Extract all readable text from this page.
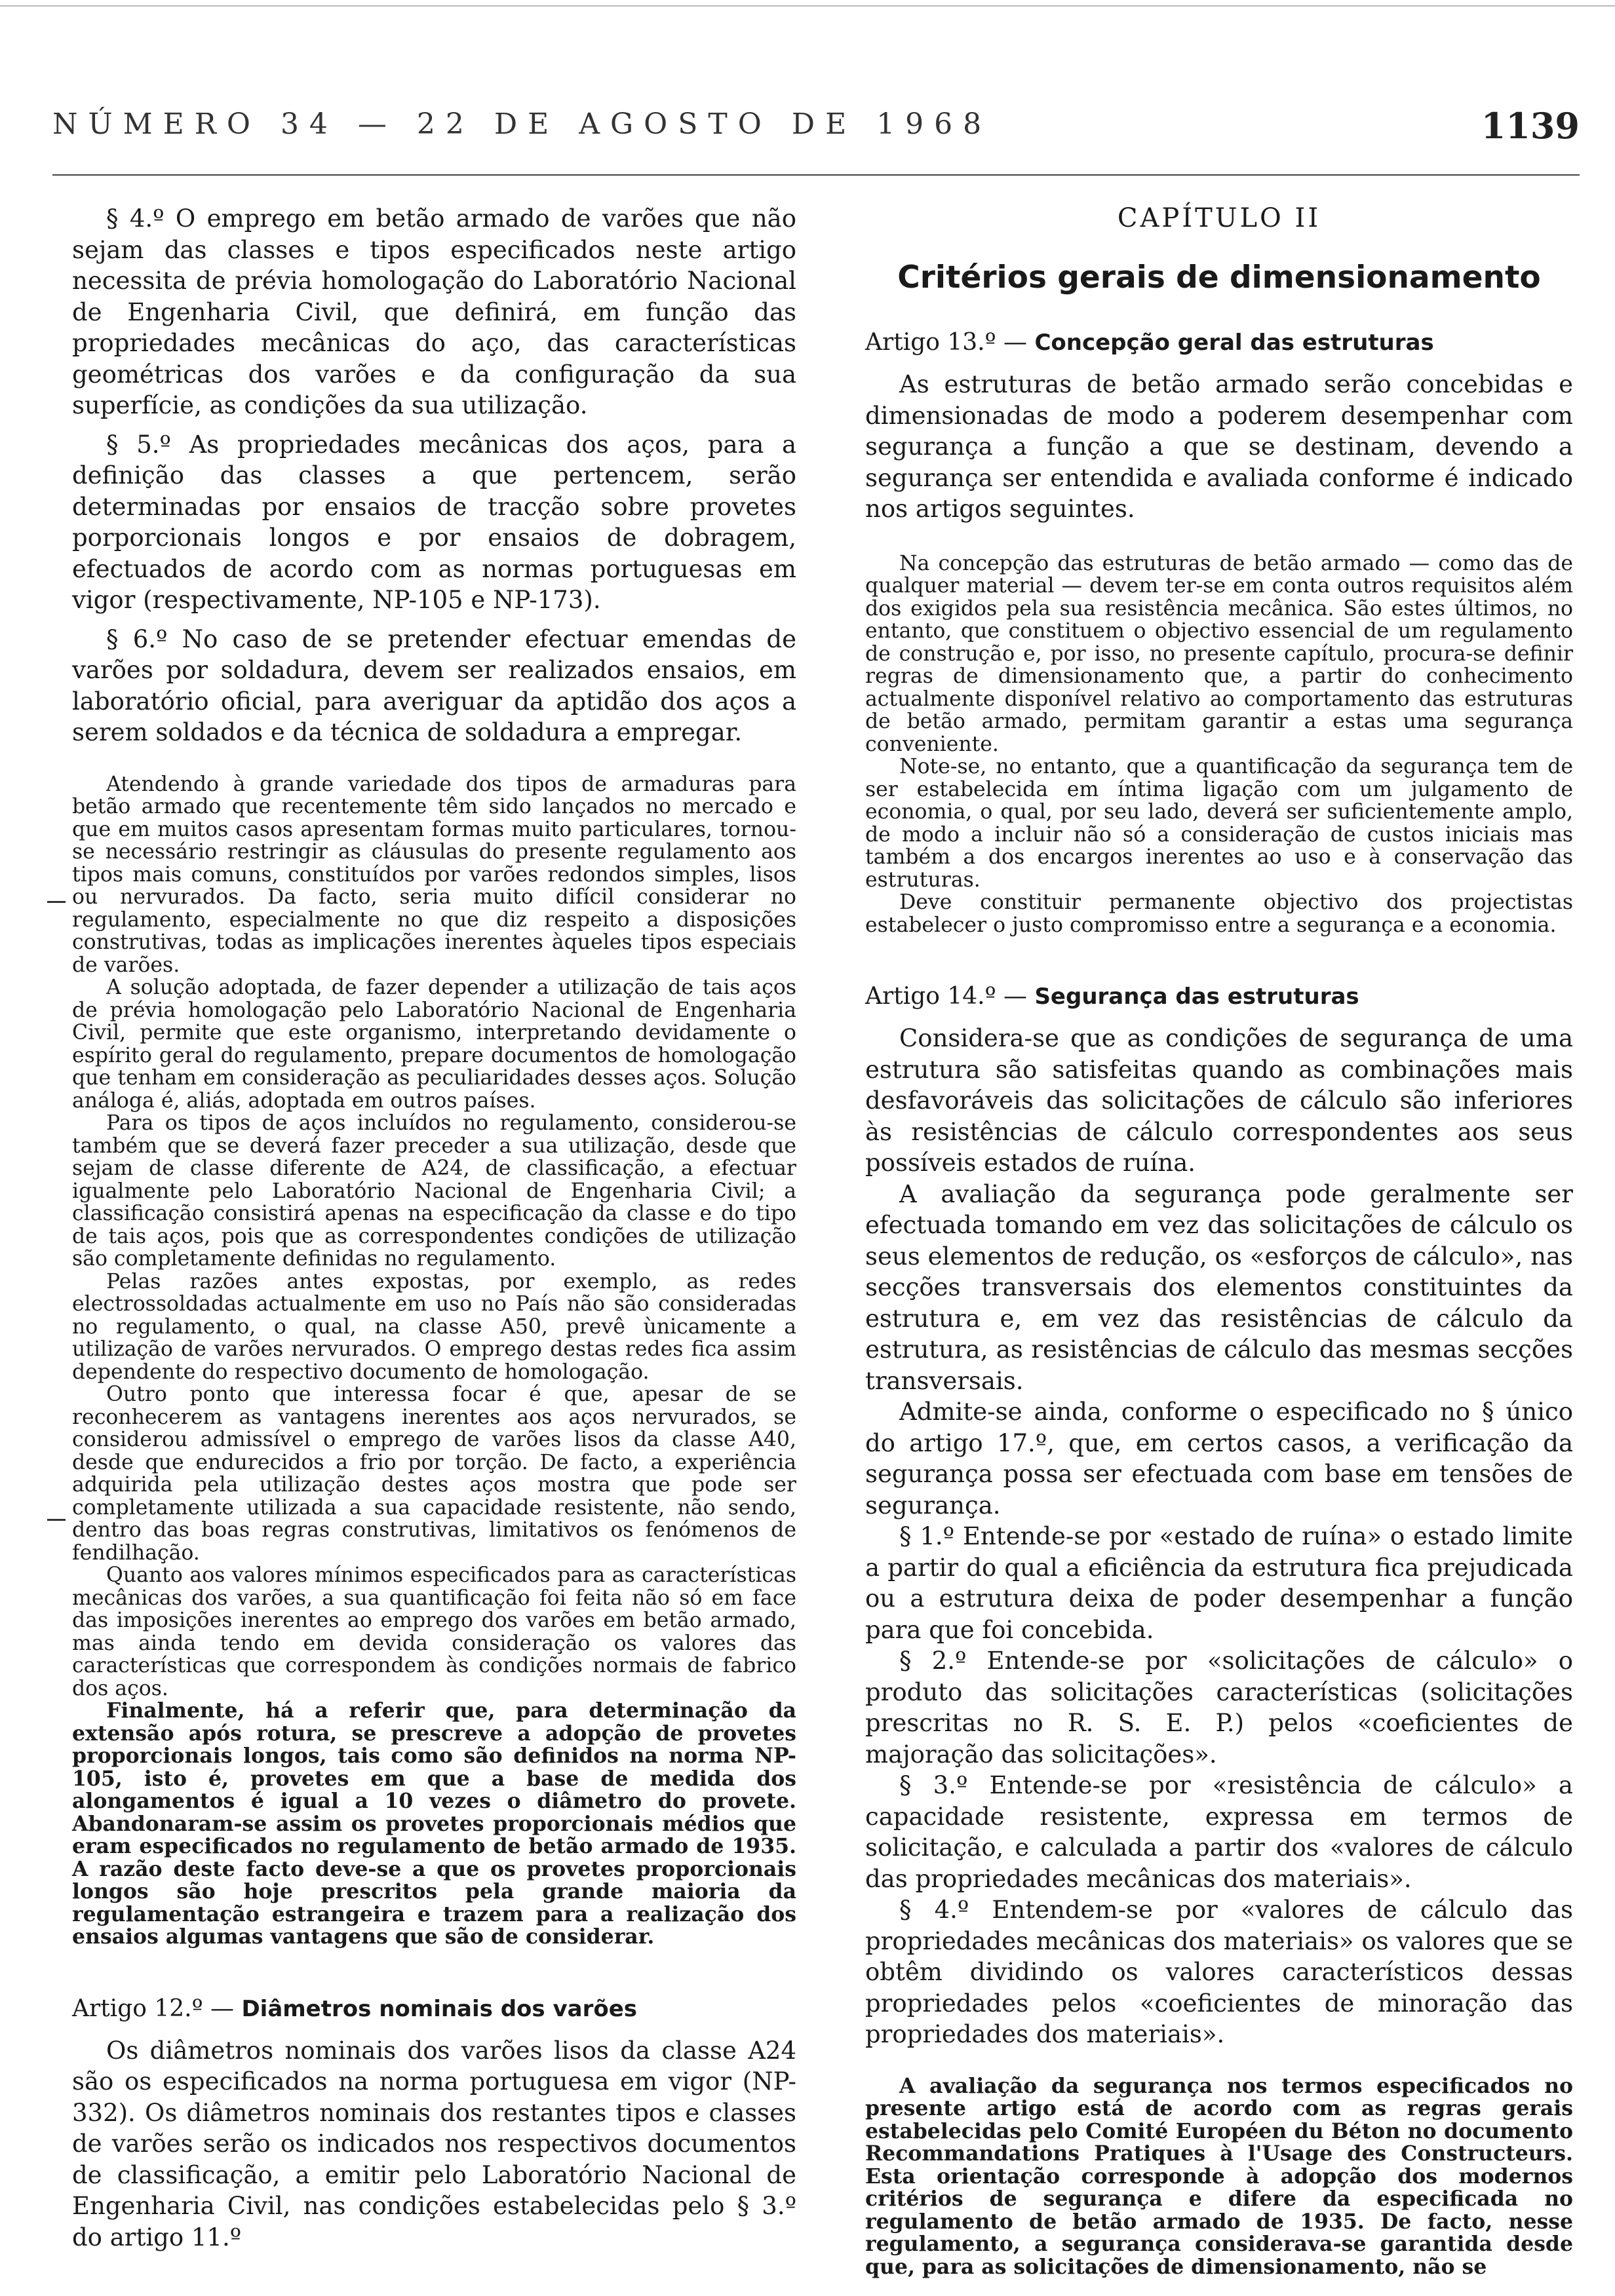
NÚMERO 34 — 22 DE AGOSTO DE 1968	1139

§ 4.º O emprego em betão armado de varões que não sejam das classes e tipos especificados neste artigo necessita de prévia homologação do Laboratório Nacional de Engenharia Civil, que definirá, em função das propriedades mecânicas do aço, das características geométricas dos varões e da configuração da sua superfície, as condições da sua utilização.

§ 5.º As propriedades mecânicas dos aços, para a definição das classes a que pertencem, serão determinadas por ensaios de tracção sobre provetes porporcionais longos e por ensaios de dobragem, efectuados de acordo com as normas portuguesas em vigor (respectivamente, NP-105 e NP-173).

§ 6.º No caso de se pretender efectuar emendas de varões por soldadura, devem ser realizados ensaios, em laboratório oficial, para averiguar da aptidão dos aços a serem soldados e da técnica de soldadura a empregar.

Atendendo à grande variedade dos tipos de armaduras para betão armado que recentemente têm sido lançados no mercado e que em muitos casos apresentam formas muito particulares, tornou-se necessário restringir as cláusulas do presente regulamento aos tipos mais comuns, constituídos por varões redondos simples, lisos ou nervurados. Da facto, seria muito difícil considerar no regulamento, especialmente no que diz respeito a disposições construtivas, todas as implicações inerentes àqueles tipos especiais de varões.

A solução adoptada, de fazer depender a utilização de tais aços de prévia homologação pelo Laboratório Nacional de Engenharia Civil, permite que este organismo, interpretando devidamente o espírito geral do regulamento, prepare documentos de homologação que tenham em consideração as peculiaridades desses aços. Solução análoga é, aliás, adoptada em outros países.

Para os tipos de aços incluídos no regulamento, considerou-se também que se deverá fazer preceder a sua utilização, desde que sejam de classe diferente de A24, de classificação, a efectuar igualmente pelo Laboratório Nacional de Engenharia Civil; a classificação consistirá apenas na especificação da classe e do tipo de tais aços, pois que as correspondentes condições de utilização são completamente definidas no regulamento.

Pelas razões antes expostas, por exemplo, as redes electrossoldadas actualmente em uso no País não são consideradas no regulamento, o qual, na classe A50, prevê ùnicamente a utilização de varões nervurados. O emprego destas redes fica assim dependente do respectivo documento de homologação.

Outro ponto que interessa focar é que, apesar de se reconhecerem as vantagens inerentes aos aços nervurados, se considerou admissível o emprego de varões lisos da classe A40, desde que endurecidos a frio por torção. De facto, a experiência adquirida pela utilização destes aços mostra que pode ser completamente utilizada a sua capacidade resistente, não sendo, dentro das boas regras construtivas, limitativos os fenómenos de fendilhação.

Quanto aos valores mínimos especificados para as características mecânicas dos varões, a sua quantificação foi feita não só em face das imposições inerentes ao emprego dos varões em betão armado, mas ainda tendo em devida consideração os valores das características que correspondem às condições normais de fabrico dos aços.

Finalmente, há a referir que, para determinação da extensão após rotura, se prescreve a adopção de provetes proporcionais longos, tais como são definidos na norma NP-105, isto é, provetes em que a base de medida dos alongamentos é igual a 10 vezes o diâmetro do provete. Abandonaram-se assim os provetes proporcionais médios que eram especificados no regulamento de betão armado de 1935. A razão deste facto deve-se a que os provetes proporcionais longos são hoje prescritos pela grande maioria da regulamentação estrangeira e trazem para a realização dos ensaios algumas vantagens que são de considerar.

Artigo 12.º — Diâmetros nominais dos varões

Os diâmetros nominais dos varões lisos da classe A24 são os especificados na norma portuguesa em vigor (NP-332). Os diâmetros nominais dos restantes tipos e classes de varões serão os indicados nos respectivos documentos de classificação, a emitir pelo Laboratório Nacional de Engenharia Civil, nas condições estabelecidas pelo § 3.º do artigo 11.º

CAPÍTULO II
Critérios gerais de dimensionamento

Artigo 13.º — Concepção geral das estruturas

As estruturas de betão armado serão concebidas e dimensionadas de modo a poderem desempenhar com segurança a função a que se destinam, devendo a segurança ser entendida e avaliada conforme é indicado nos artigos seguintes.

Na concepção das estruturas de betão armado — como das de qualquer material — devem ter-se em conta outros requisitos além dos exigidos pela sua resistência mecânica. São estes últimos, no entanto, que constituem o objectivo essencial de um regulamento de construção e, por isso, no presente capítulo, procura-se definir regras de dimensionamento que, a partir do conhecimento actualmente disponível relativo ao comportamento das estruturas de betão armado, permitam garantir a estas uma segurança conveniente.

Note-se, no entanto, que a quantificação da segurança tem de ser estabelecida em íntima ligação com um julgamento de economia, o qual, por seu lado, deverá ser suficientemente amplo, de modo a incluir não só a consideração de custos iniciais mas também a dos encargos inerentes ao uso e à conservação das estruturas.

Deve constituir permanente objectivo dos projectistas estabelecer o justo compromisso entre a segurança e a economia.

Artigo 14.º — Segurança das estruturas

Considera-se que as condições de segurança de uma estrutura são satisfeitas quando as combinações mais desfavoráveis das solicitações de cálculo são inferiores às resistências de cálculo correspondentes aos seus possíveis estados de ruína.

A avaliação da segurança pode geralmente ser efectuada tomando em vez das solicitações de cálculo os seus elementos de redução, os «esforços de cálculo», nas secções transversais dos elementos constituintes da estrutura e, em vez das resistências de cálculo da estrutura, as resistências de cálculo das mesmas secções transversais.

Admite-se ainda, conforme o especificado no § único do artigo 17.º, que, em certos casos, a verificação da segurança possa ser efectuada com base em tensões de segurança.

§ 1.º Entende-se por «estado de ruína» o estado limite a partir do qual a eficiência da estrutura fica prejudicada ou a estrutura deixa de poder desempenhar a função para que foi concebida.

§ 2.º Entende-se por «solicitações de cálculo» o produto das solicitações características (solicitações prescritas no R. S. E. P.) pelos «coeficientes de majoração das solicitações».

§ 3.º Entende-se por «resistência de cálculo» a capacidade resistente, expressa em termos de solicitação, e calculada a partir dos «valores de cálculo das propriedades mecânicas dos materiais».

§ 4.º Entendem-se por «valores de cálculo das propriedades mecânicas dos materiais» os valores que se obtêm dividindo os valores característicos dessas propriedades pelos «coeficientes de minoração das propriedades dos materiais».

A avaliação da segurança nos termos especificados no presente artigo está de acordo com as regras gerais estabelecidas pelo Comité Européen du Béton no documento Recommandations Pratiques à l'Usage des Constructeurs. Esta orientação corresponde à adopção dos modernos critérios de segurança e difere da especificada no regulamento de betão armado de 1935. De facto, nesse regulamento, a segurança considerava-se garantida desde que, para as solicitações de dimensionamento, não se
